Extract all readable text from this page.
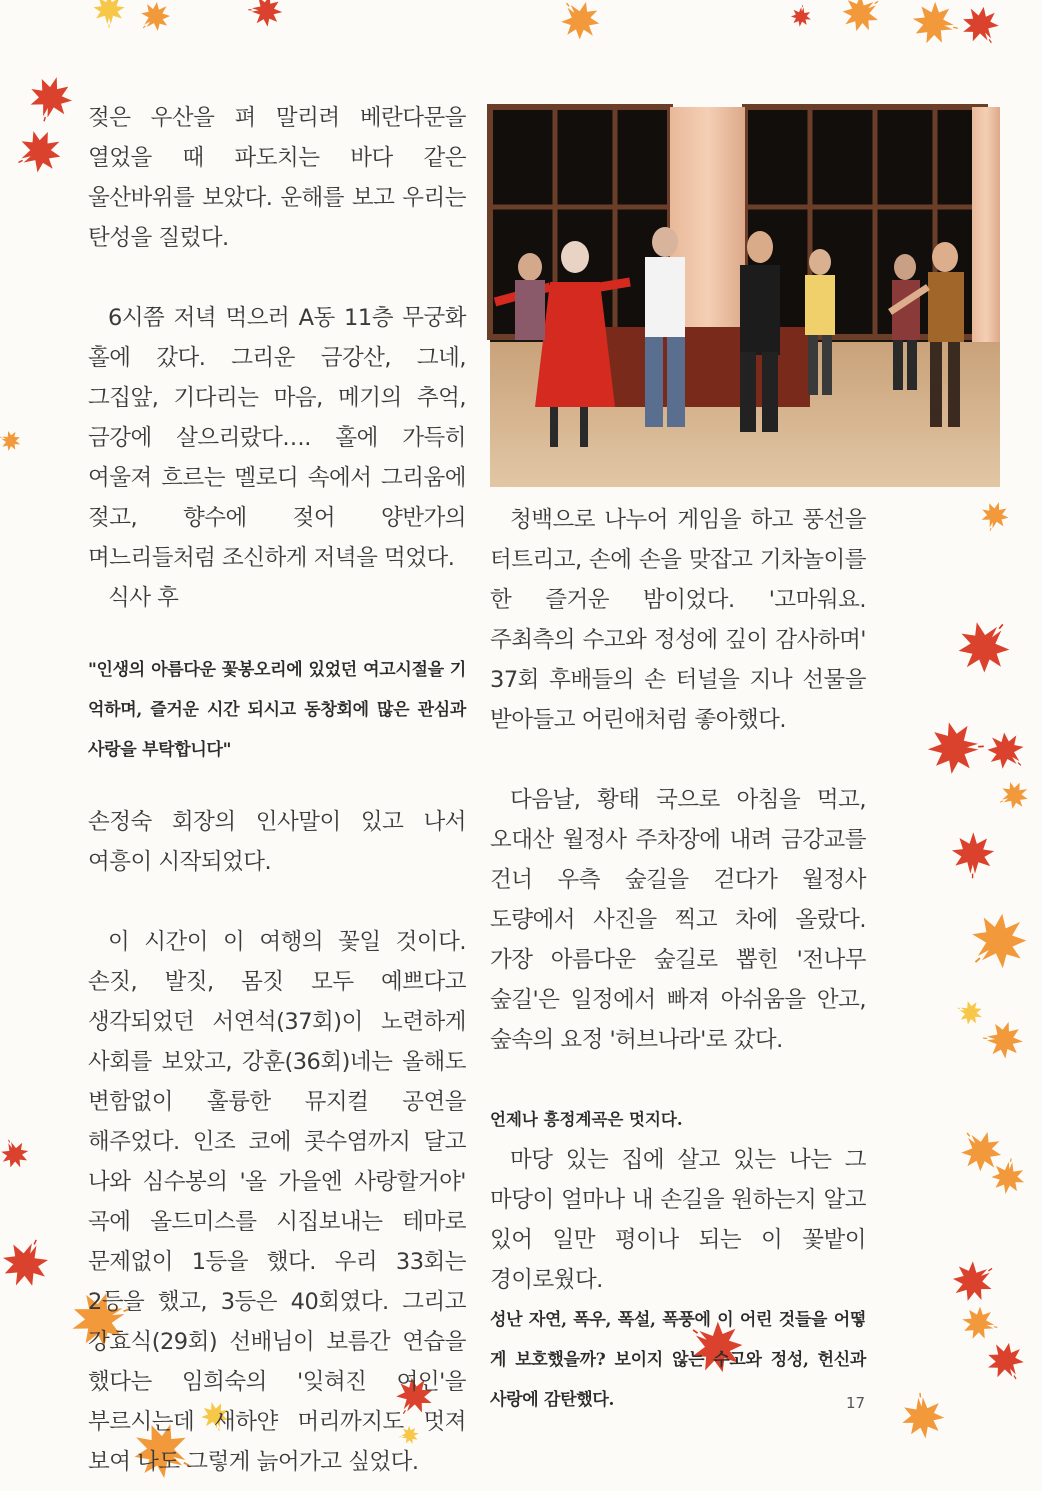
젖은 우산을 펴 말리려 베란다문을 열었을 때 파도치는 바다 같은 울산바위를 보았다. 운해를 보고 우리는 탄성을 질렀다.

6시쯤 저녁 먹으러 A동 11층 무궁화 홀에 갔다. 그리운 금강산, 그네, 그집앞, 기다리는 마음, 메기의 추억, 금강에 살으리랐다…. 홀에 가득히 여울져 흐르는 멜로디 속에서 그리움에 젖고, 향수에 젖어 양반가의 며느리들처럼 조신하게 저녁을 먹었다.

식사 후

"인생의 아름다운 꽃봉오리에 있었던 여고시절을 기억하며, 즐거운 시간 되시고 동창회에 많은 관심과 사랑을 부탁합니다"

손정숙 회장의 인사말이 있고 나서 여흥이 시작되었다.

이 시간이 이 여행의 꽃일 것이다. 손짓, 발짓, 몸짓 모두 예쁘다고 생각되었던 서연석(37회)이 노련하게 사회를 보았고, 강훈(36회)네는 올해도 변함없이 훌륭한 뮤지컬 공연을 해주었다. 인조 코에 콧수염까지 달고 나와 심수봉의 '올 가을엔 사랑할거야' 곡에 올드미스를 시집보내는 테마로 문제없이 1등을 했다. 우리 33회는 2등을 했고, 3등은 40회였다. 그리고 강효식(29회) 선배님이 보름간 연습을 했다는 임희숙의 '잊혀진 여인'을 부르시는데 새하얀 머리까지도 멋져 보여 나도 그렇게 늙어가고 싶었다.

청백으로 나누어 게임을 하고 풍선을 터트리고, 손에 손을 맞잡고 기차놀이를 한 즐거운 밤이었다. '고마워요. 주최측의 수고와 정성에 깊이 감사하며' 37회 후배들의 손 터널을 지나 선물을 받아들고 어린애처럼 좋아했다.

다음날, 황태 국으로 아침을 먹고, 오대산 월정사 주차장에 내려 금강교를 건너 우측 숲길을 걷다가 월정사 도량에서 사진을 찍고 차에 올랐다. 가장 아름다운 숲길로 뽑힌 '전나무 숲길'은 일정에서 빠져 아쉬움을 안고, 숲속의 요정 '허브나라'로 갔다.

언제나 흥정계곡은 멋지다.

마당 있는 집에 살고 있는 나는 그 마당이 얼마나 내 손길을 원하는지 알고 있어 일만 평이나 되는 이 꽃밭이 경이로웠다.

성난 자연, 폭우, 폭설, 폭풍에 이 어린 것들을 어떻게 보호했을까? 보이지 않는 수고와 정성, 헌신과 사랑에 감탄했다.	17
